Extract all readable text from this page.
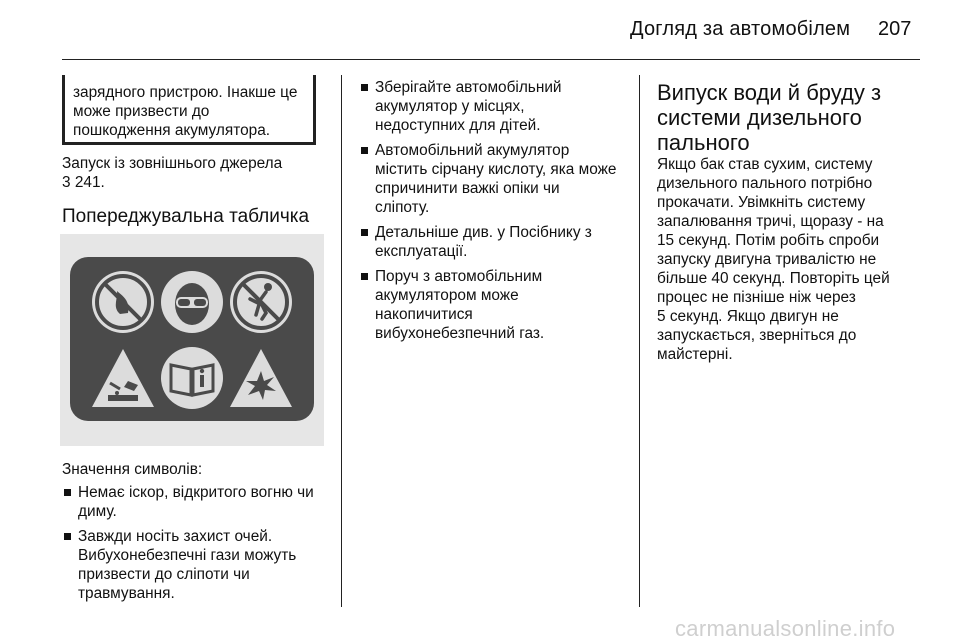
Догляд за автомобілем 207
зарядного пристрою. Інакше це
може призвести до
пошкодження акумулятора.
Запуск із зовнішнього джерела
3 241.
Попереджувальна табличка
Значення символів:
Немає іскор, відкритого вогню чи
диму.
Завжди носіть захист очей.
Вибухонебезпечні гази можуть
призвести до сліпоти чи
травмування.
Зберігайте автомобільний
акумулятор у місцях,
недоступних для дітей.
Автомобільний акумулятор
містить сірчану кислоту, яка може
спричинити важкі опіки чи
сліпоту.
Детальніше див. у Посібнику з
експлуатації.
Поруч з автомобільним
акумулятором може
накопичитися
вибухонебезпечний газ.
Випуск води й бруду з
системи дизельного
пального
Якщо бак став сухим, систему
дизельного пального потрібно
прокачати. Увімкніть систему
запалювання тричі, щоразу - на
15 секунд. Потім робіть спроби
запуску двигуна тривалістю не
більше 40 секунд. Повторіть цей
процес не пізніше ніж через
5 секунд. Якщо двигун не
запускається, зверніться до
майстерні.
carmanualsonline.info
